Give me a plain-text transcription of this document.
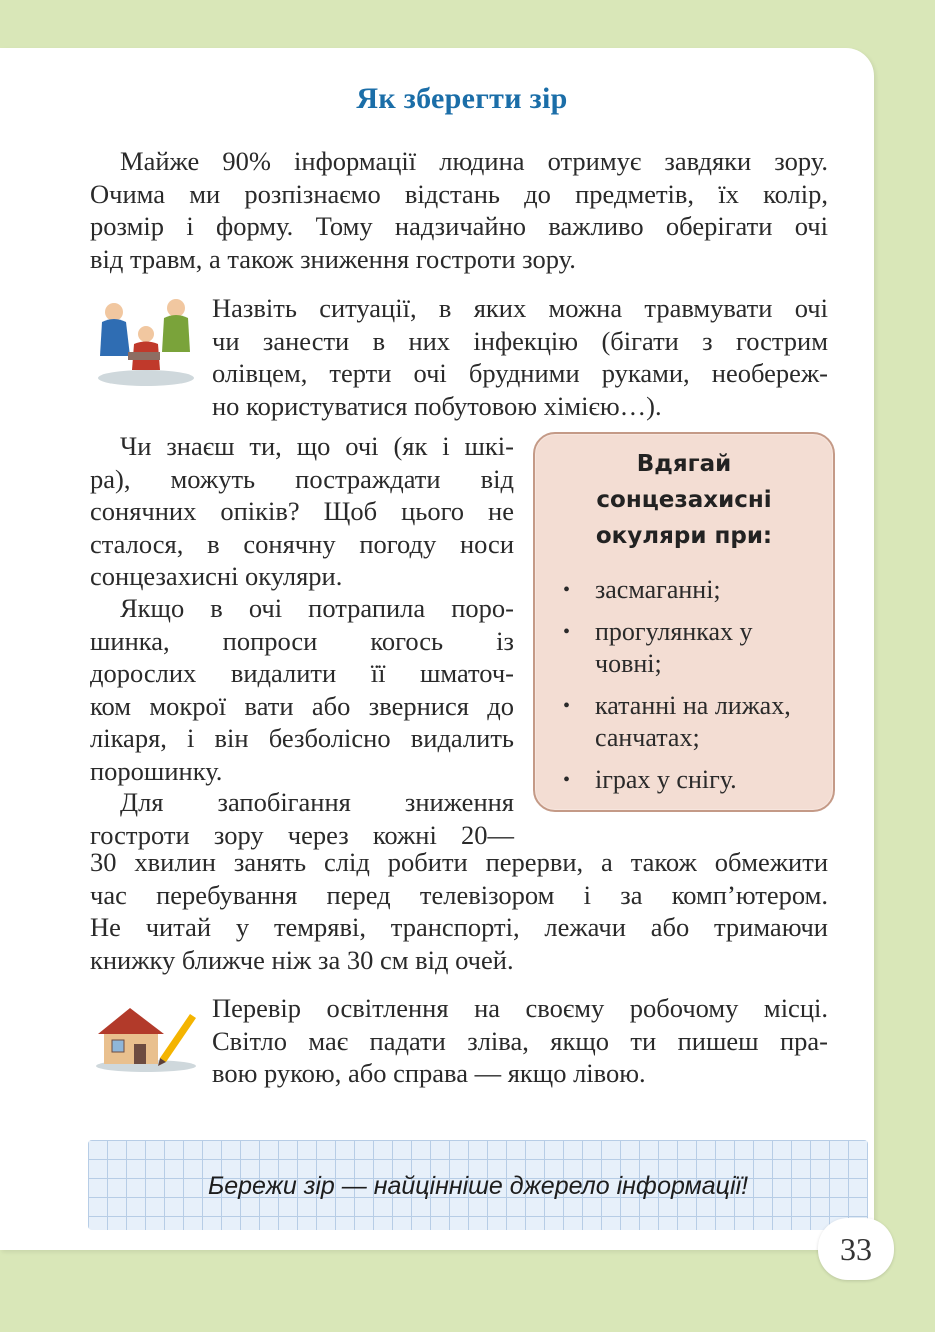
Як зберегти зір
Майже 90% інформації людина отримує завдяки зору.
Очима ми розпізнаємо відстань до предметів, їх колір,
розмір і форму. Тому надзичайно важливо оберігати очі
від травм, а також зниження гостроти зору.
Назвіть ситуації, в яких можна травмувати очі
чи занести в них інфекцію (бігати з гострим
олівцем, терти очі брудними руками, необереж-
но користуватися побутовою хімією…).
Чи знаєш ти, що очі (як і шкі-
ра), можуть постраждати від
сонячних опіків? Щоб цього не
сталося, в сонячну погоду носи
сонцезахисні окуляри.
Якщо в очі потрапила поро-
шинка, попроси когось із
дорослих видалити її шматоч-
ком мокрої вати або звернися до
лікаря, і він безболісно видалить
порошинку.
Для запобігання зниження
гостроти зору через кожні 20—
30 хвилин занять слід робити перерви, а також обмежити
час перебування перед телевізором і за комп’ютером.
Не читай у темряві, транспорті, лежачи або тримаючи
книжку ближче ніж за 30 см від очей.
Вдягай
сонцезахисні
окуляри при:
• засмаганні;
• прогулянках у човні;
• катанні на лижах, санчатах;
• іграх у снігу.
Перевір освітлення на своєму робочому місці.
Світло має падати зліва, якщо ти пишеш пра-
вою рукою, або справа — якщо лівою.
Бережи зір — найцінніше джерело інформації!
33
